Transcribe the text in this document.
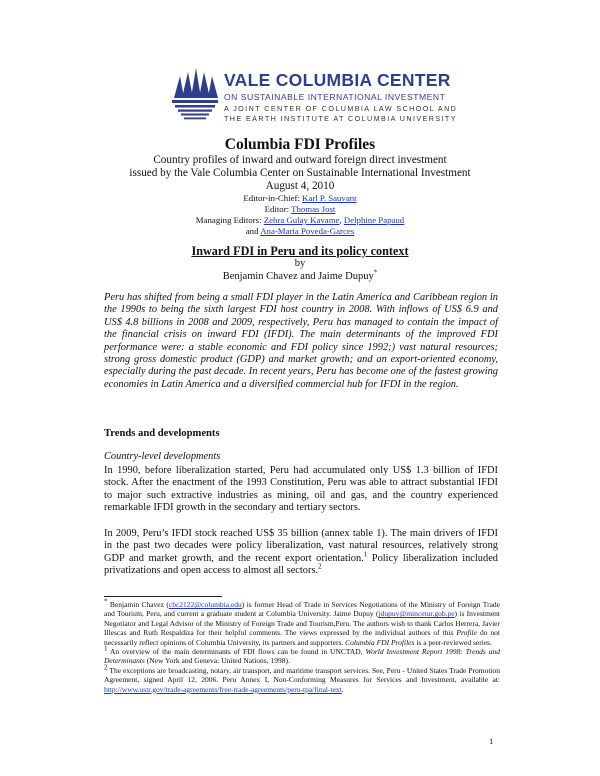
VALE COLUMBIA CENTER
ON SUSTAINABLE INTERNATIONAL INVESTMENT
A JOINT CENTER OF COLUMBIA LAW SCHOOL AND
THE EARTH INSTITUTE AT COLUMBIA UNIVERSITY
Columbia FDI Profiles
Country profiles of inward and outward foreign direct investment
issued by the Vale Columbia Center on Sustainable International Investment
August 4, 2010
Editor-in-Chief: Karl P. Sauvant
Editor: Thomas Jost
Managing Editors: Zehra Gulay Kavame, Delphine Papaud
and Ana-Maria Poveda-Garces
Inward FDI in Peru and its policy context
by
Benjamin Chavez and Jaime Dupuy*

Peru has shifted from being a small FDI player in the Latin America and Caribbean region in the 1990s to being the sixth largest FDI host country in 2008. With inflows of US$ 6.9 and US$ 4.8 billions in 2008 and 2009, respectively, Peru has managed to contain the impact of the financial crisis on inward FDI (IFDI). The main determinants of the improved FDI performance were: a stable economic and FDI policy since 1992;) vast natural resources; strong gross domestic product (GDP) and market growth; and an export-oriented economy, especially during the past decade. In recent years, Peru has become one of the fastest growing economies in Latin America and a diversified commercial hub for IFDI in the region.

Trends and developments
Country-level developments

In 1990, before liberalization started, Peru had accumulated only US$ 1.3 billion of IFDI stock. After the enactment of the 1993 Constitution, Peru was able to attract substantial IFDI to major such extractive industries as mining, oil and gas, and the country experienced remarkable IFDI growth in the secondary and tertiary sectors.

In 2009, Peru’s IFDI stock reached US$ 35 billion (annex table 1). The main drivers of IFDI in the past two decades were policy liberalization, vast natural resources, relatively strong GDP and market growth, and the recent export orientation.$^1$ Policy liberalization included privatizations and open access to almost all sectors.$^2$

* Benjamin Chavez (cbc2122@columbia.edu) is former Head of Trade in Services Negotiations of the Ministry of Foreign Trade and Tourism, Peru, and current a graduate student at Columbia University. Jaime Dupuy (jdupuy@mincetur.gob.pe) is Investment Negotiator and Legal Advisor of the Ministry of Foreign Trade and Tourism,Peru. The authors wish to thank Carlos Herrera, Javier Illescas and Ruth Respaldiza for their helpful comments. The views expressed by the individual authors of this Profile do not necessarily reflect opinions of Columbia University, its partners and supporters. Columbia FDI Profiles is a peer-reviewed series.

$^1$ An overview of the main determinants of FDI flows can be found in UNCTAD, World Investment Report 1998: Trends and Determinants (New York and Geneva: United Nations, 1998).

$^2$ The exceptions are broadcasting, notary, air transport, and maritime transport services. See, Peru - United States Trade Promotion Agreement, signed April 12, 2006. Peru Annex I, Non-Conforming Measures for Services and Investment, available at: http://www.ustr.gov/trade-agreements/free-trade-agreements/peru-tpa/final-text.

1
